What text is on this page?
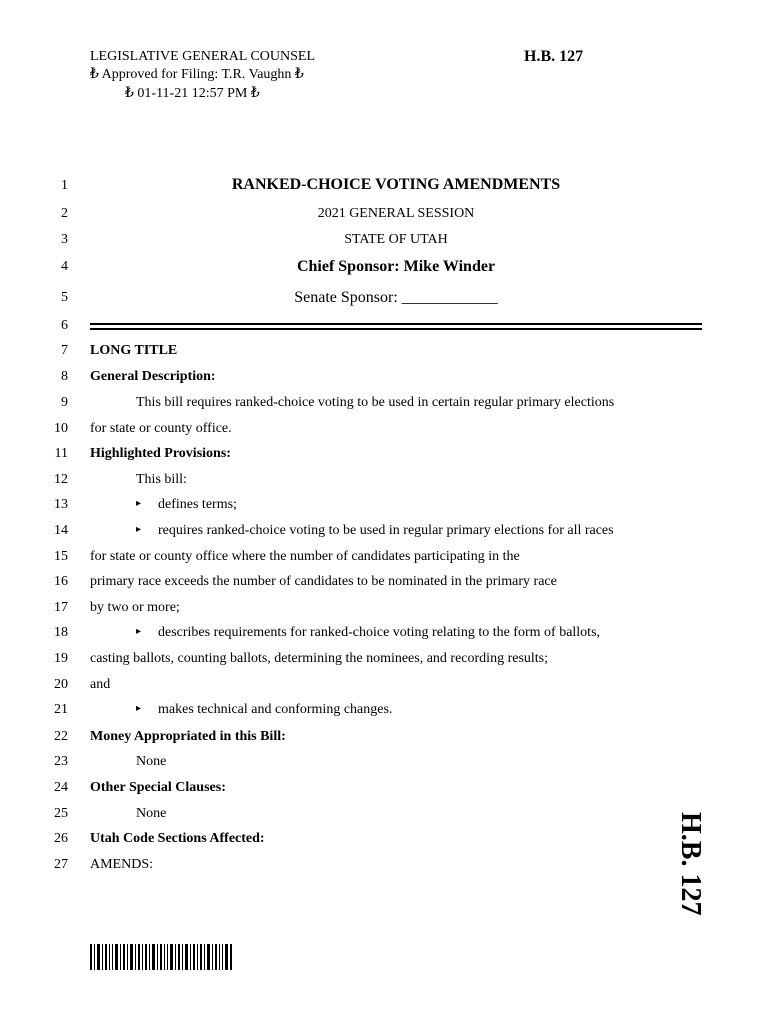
LEGISLATIVE GENERAL COUNSEL
₺ Approved for Filing: T.R. Vaughn ₺
₺ 01-11-21 12:57 PM ₺
H.B. 127
1
2
3
4
5
6
7
8
9
10
11
12
13
14
15
16
17
18
19
20
21
22
23
24
25
26
27
RANKED-CHOICE VOTING AMENDMENTS
2021 GENERAL SESSION
STATE OF UTAH
Chief Sponsor: Mike Winder
Senate Sponsor: ____________
LONG TITLE
General Description:
This bill requires ranked-choice voting to be used in certain regular primary elections
for state or county office.
Highlighted Provisions:
This bill:
▸ defines terms;
▸ requires ranked-choice voting to be used in regular primary elections for all races
for state or county office where the number of candidates participating in the
primary race exceeds the number of candidates to be nominated in the primary race
by two or more;
▸ describes requirements for ranked-choice voting relating to the form of ballots,
casting ballots, counting ballots, determining the nominees, and recording results;
and
▸ makes technical and conforming changes.
Money Appropriated in this Bill:
None
Other Special Clauses:
None
Utah Code Sections Affected:
AMENDS:	H.B. 127
